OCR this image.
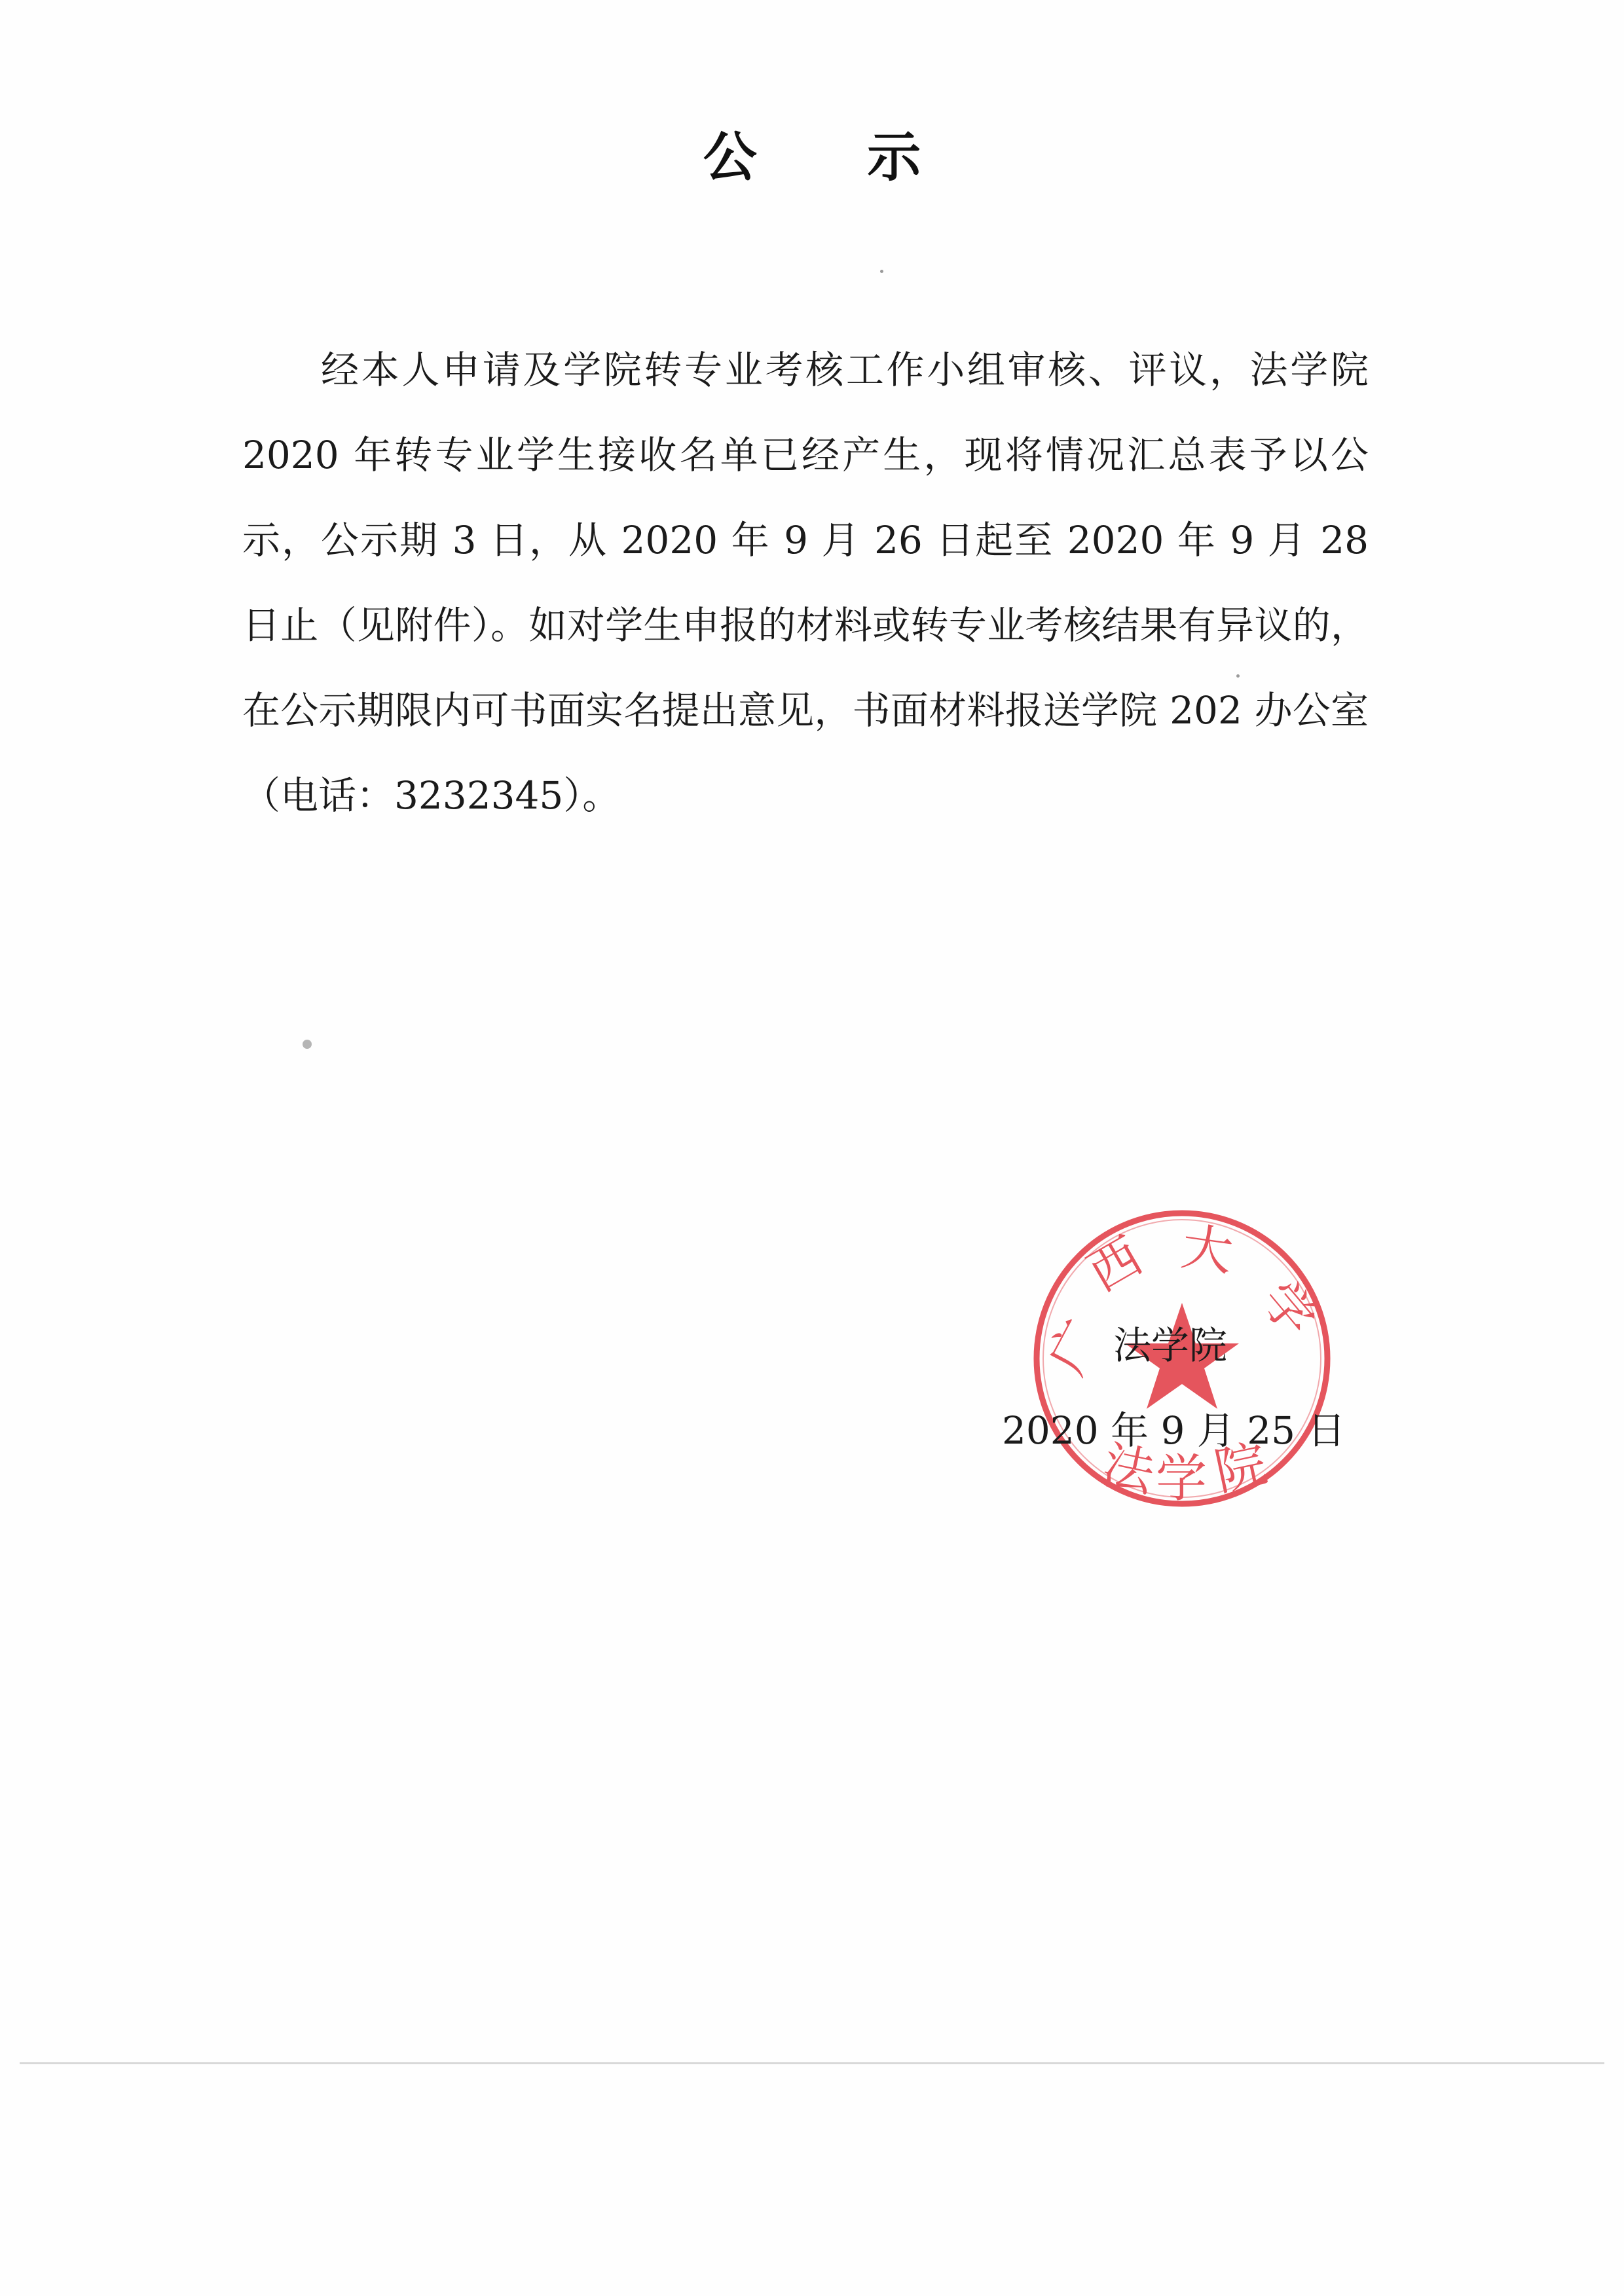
公 示
经本人申请及学院转专业考核工作小组审核、评议，法学院 2020 年转专业学生接收名单已经产生，现将情况汇总表予以公示，公示期 3 日，从 2020 年 9 月 26 日起至 2020 年 9 月 28 日止（见附件）。如对学生申报的材料或转专业考核结果有异议的，在公示期限内可书面实名提出意见，书面材料报送学院 202 办公室（电话：3232345）。
广
西 大
学
法
学 院
法学院
2020 年 9 月 25 日
